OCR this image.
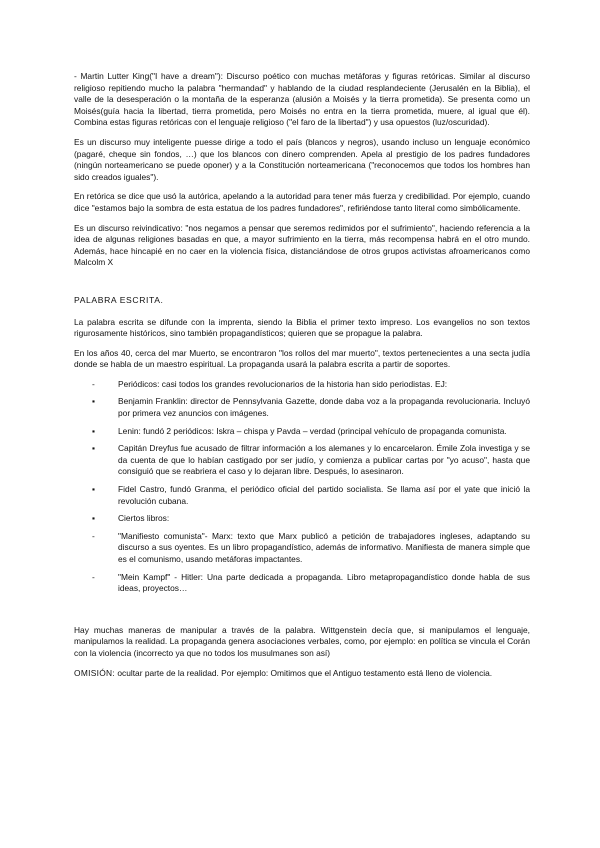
- Martin Lutter King("I have a dream"): Discurso poético con muchas metáforas y figuras retóricas. Similar al discurso religioso repitiendo mucho la palabra "hermandad" y hablando de la ciudad resplandeciente (Jerusalén en la Biblia), el valle de la desesperación o la montaña de la esperanza (alusión a Moisés y la tierra prometida). Se presenta como un Moisés(guía hacia la libertad, tierra prometida, pero Moisés no entra en la tierra prometida, muere, al igual que él). Combina estas figuras retóricas con el lenguaje religioso ("el faro de la libertad") y usa opuestos (luz/oscuridad).

Es un discurso muy inteligente puesse dirige a todo el país (blancos y negros), usando incluso un lenguaje económico (pagaré, cheque sin fondos, …) que los blancos con dinero comprenden. Apela al prestigio de los padres fundadores (ningún norteamericano se puede oponer) y a la Constitución norteamericana ("reconocemos que todos los hombres han sido creados iguales").

En retórica se dice que usó la autórica, apelando a la autoridad para tener más fuerza y credibilidad. Por ejemplo, cuando dice "estamos bajo la sombra de esta estatua de los padres fundadores", refiriéndose tanto literal como simbólicamente.

Es un discurso reivindicativo: "nos negamos a pensar que seremos redimidos por el sufrimiento", haciendo referencia a la idea de algunas religiones basadas en que, a mayor sufrimiento en la tierra, más recompensa habrá en el otro mundo. Además, hace hincapié en no caer en la violencia física, distanciándose de otros grupos activistas afroamericanos como Malcolm X

PALABRA ESCRITA.

La palabra escrita se difunde con la imprenta, siendo la Biblia el primer texto impreso. Los evangelios no son textos rigurosamente históricos, sino también propagandísticos; quieren que se propague la palabra.

En los años 40, cerca del mar Muerto, se encontraron "los rollos del mar muerto", textos pertenecientes a una secta judía donde se habla de un maestro espiritual. La propaganda usará la palabra escrita a partir de soportes.

-	Periódicos: casi todos los grandes revolucionarios de la historia han sido periodistas. EJ:
▪	Benjamin Franklin: director de Pennsylvania Gazette, donde daba voz a la propaganda revolucionaria. Incluyó por primera vez anuncios con imágenes.
▪	Lenin: fundó 2 periódicos: Iskra – chispa y Pavda – verdad (principal vehículo de propaganda comunista.
▪	Capitán Dreyfus fue acusado de filtrar información a los alemanes y lo encarcelaron. Émile Zola investiga y se da cuenta de que lo habían castigado por ser judío, y comienza a publicar cartas por "yo acuso", hasta que consiguió que se reabriera el caso y lo dejaran libre. Después, lo asesinaron.
▪	Fidel Castro, fundó Granma, el periódico oficial del partido socialista. Se llama así por el yate que inició la revolución cubana.
▪	Ciertos libros:
-	"Manifiesto comunista"- Marx: texto que Marx publicó a petición de trabajadores ingleses, adaptando su discurso a sus oyentes. Es un libro propagandístico, además de informativo. Manifiesta de manera simple que es el comunismo, usando metáforas impactantes.
-	"Mein Kampf" - Hitler: Una parte dedicada a propaganda. Libro metapropagandístico donde habla de sus ideas, proyectos…

Hay muchas maneras de manipular a través de la palabra. Wittgenstein decía que, si manipulamos el lenguaje, manipulamos la realidad. La propaganda genera asociaciones verbales, como, por ejemplo: en política se vincula el Corán con la violencia (incorrecto ya que no todos los musulmanes son así)

OMISIÓN: ocultar parte de la realidad. Por ejemplo: Omitimos que el Antiguo testamento está lleno de violencia.
